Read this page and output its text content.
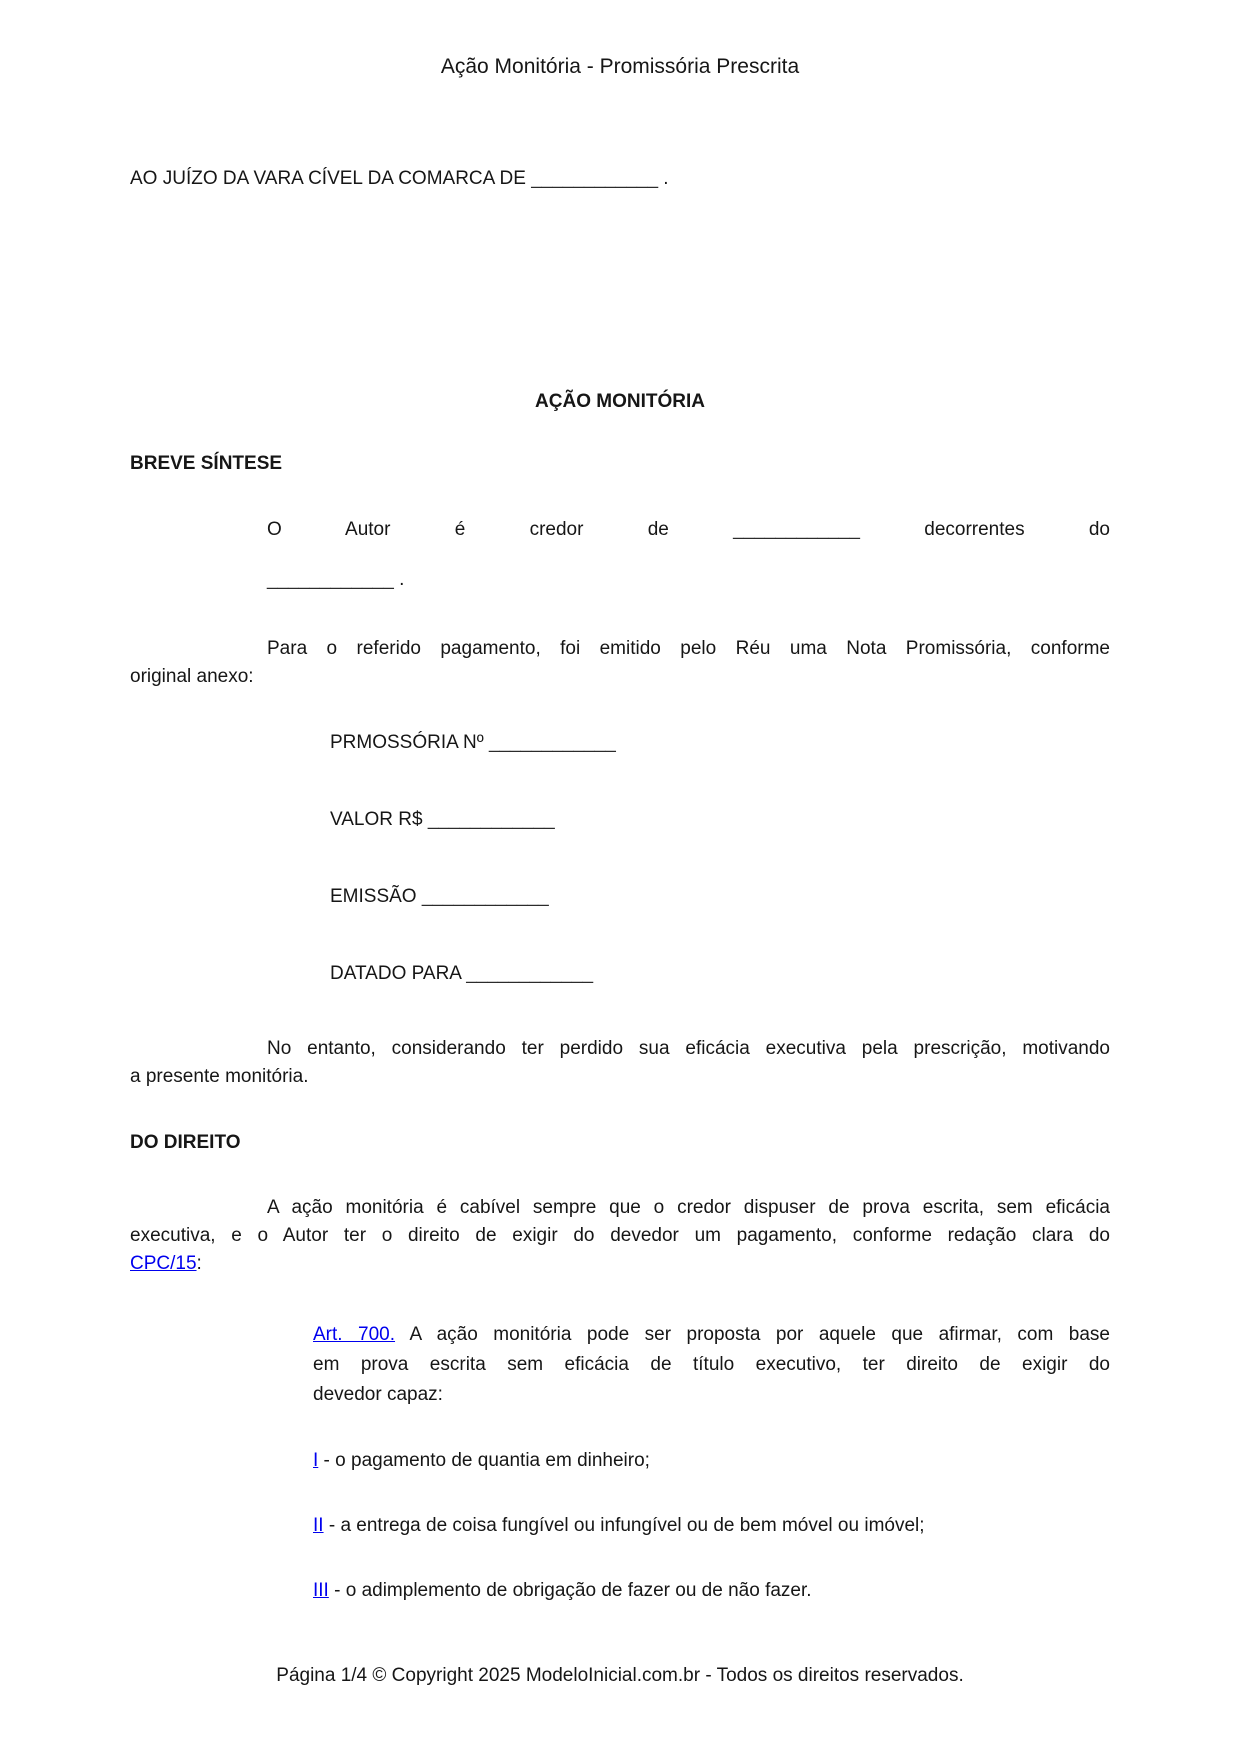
Ação Monitória - Promissória Prescrita
AO JUÍZO DA VARA CÍVEL DA COMARCA DE ____________ .
AÇÃO MONITÓRIA
BREVE SÍNTESE
O Autor é credor de	____________	decorrentes do
____________ .
Para o referido pagamento, foi emitido pelo Réu uma Nota Promissória, conforme
original anexo:
PRMOSSÓRIA Nº ____________
VALOR R$ ____________
EMISSÃO ____________
DATADO PARA ____________
No entanto, considerando ter perdido sua eficácia executiva pela prescrição, motivando
a presente monitória.
DO DIREITO
A ação monitória é cabível sempre que o credor dispuser de prova escrita, sem eficácia
executiva, e o Autor ter o direito de exigir do devedor um pagamento, conforme redação clara do
CPC/15:
Art. 700. A ação monitória pode ser proposta por aquele que afirmar, com base
em prova escrita sem eficácia de título executivo, ter direito de exigir do
devedor capaz:
I - o pagamento de quantia em dinheiro;
II - a entrega de coisa fungível ou infungível ou de bem móvel ou imóvel;
III - o adimplemento de obrigação de fazer ou de não fazer.
Página 1/4 © Copyright 2025 ModeloInicial.com.br - Todos os direitos reservados.
